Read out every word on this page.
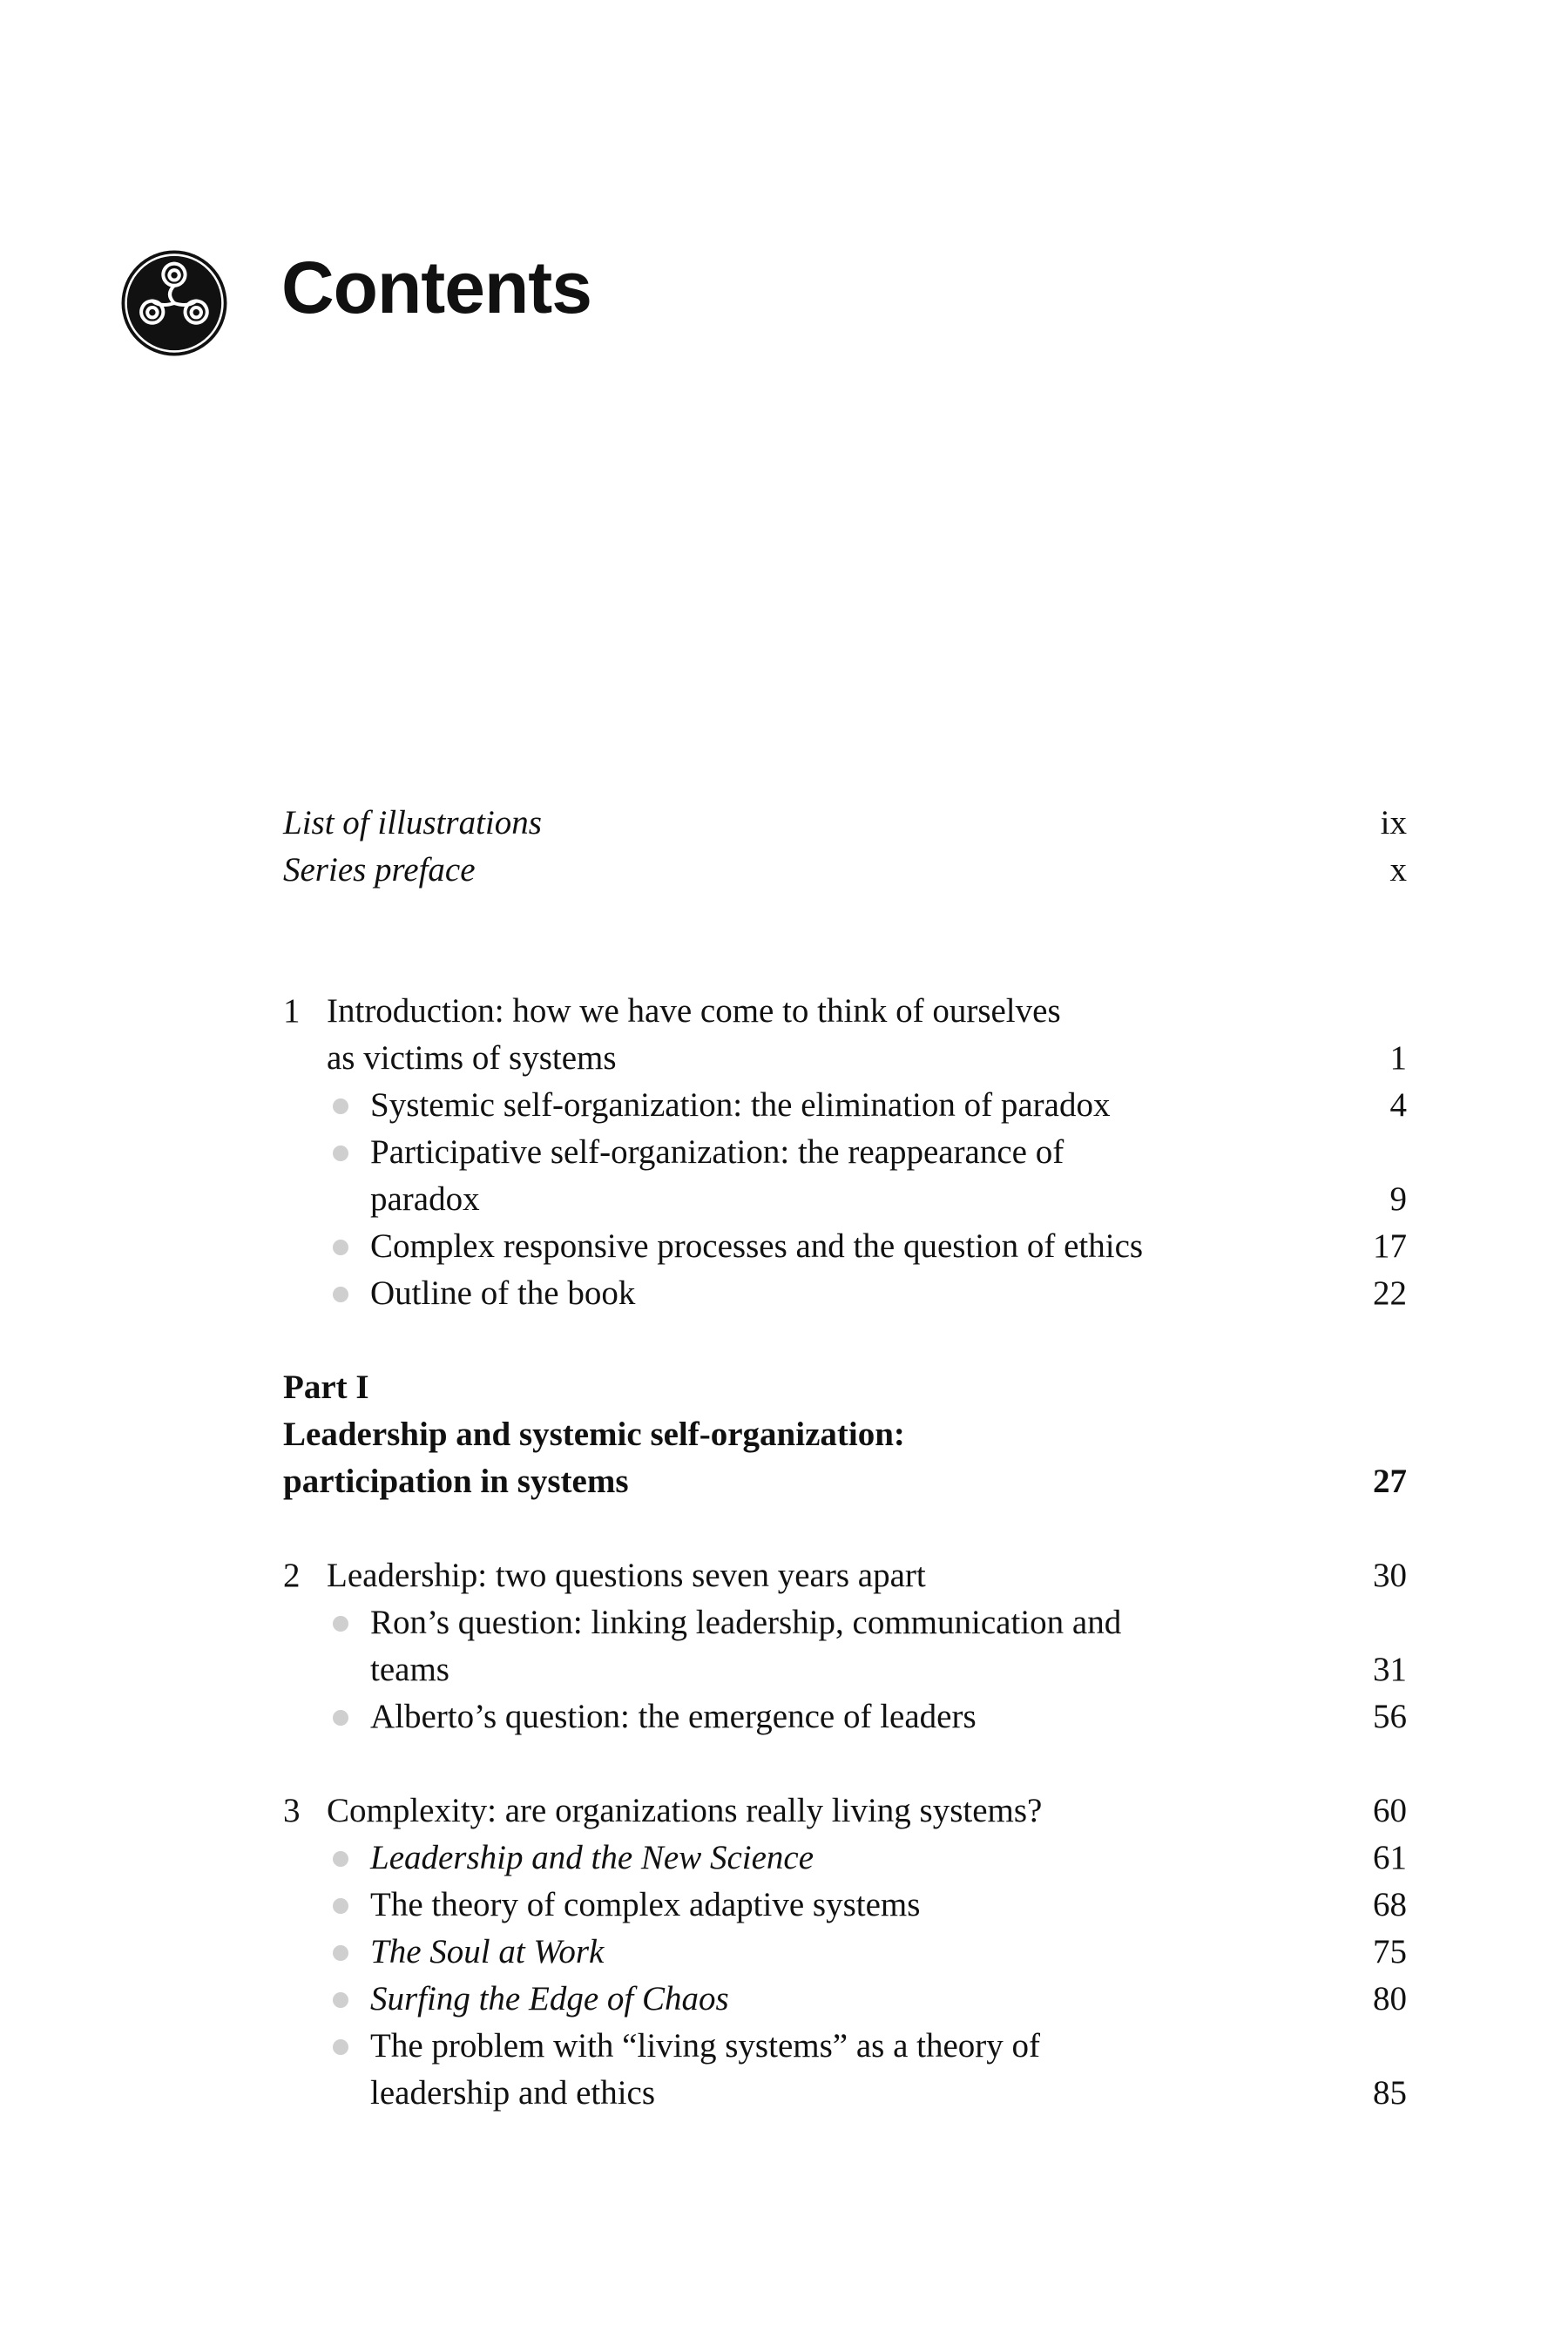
Contents
List of illustrations	ix
Series preface	x
1 Introduction: how we have come to think of ourselves
as victims of systems	1
Systemic self-organization: the elimination of paradox	4
Participative self-organization: the reappearance of
paradox	9
Complex responsive processes and the question of ethics	17
Outline of the book	22
Part I
Leadership and systemic self-organization:
participation in systems	27
2 Leadership: two questions seven years apart	30
Ron’s question: linking leadership, communication and
teams	31
Alberto’s question: the emergence of leaders	56
3 Complexity: are organizations really living systems?	60
Leadership and the New Science	61
The theory of complex adaptive systems	68
The Soul at Work	75
Surfing the Edge of Chaos	80
The problem with “living systems” as a theory of
leadership and ethics	85
